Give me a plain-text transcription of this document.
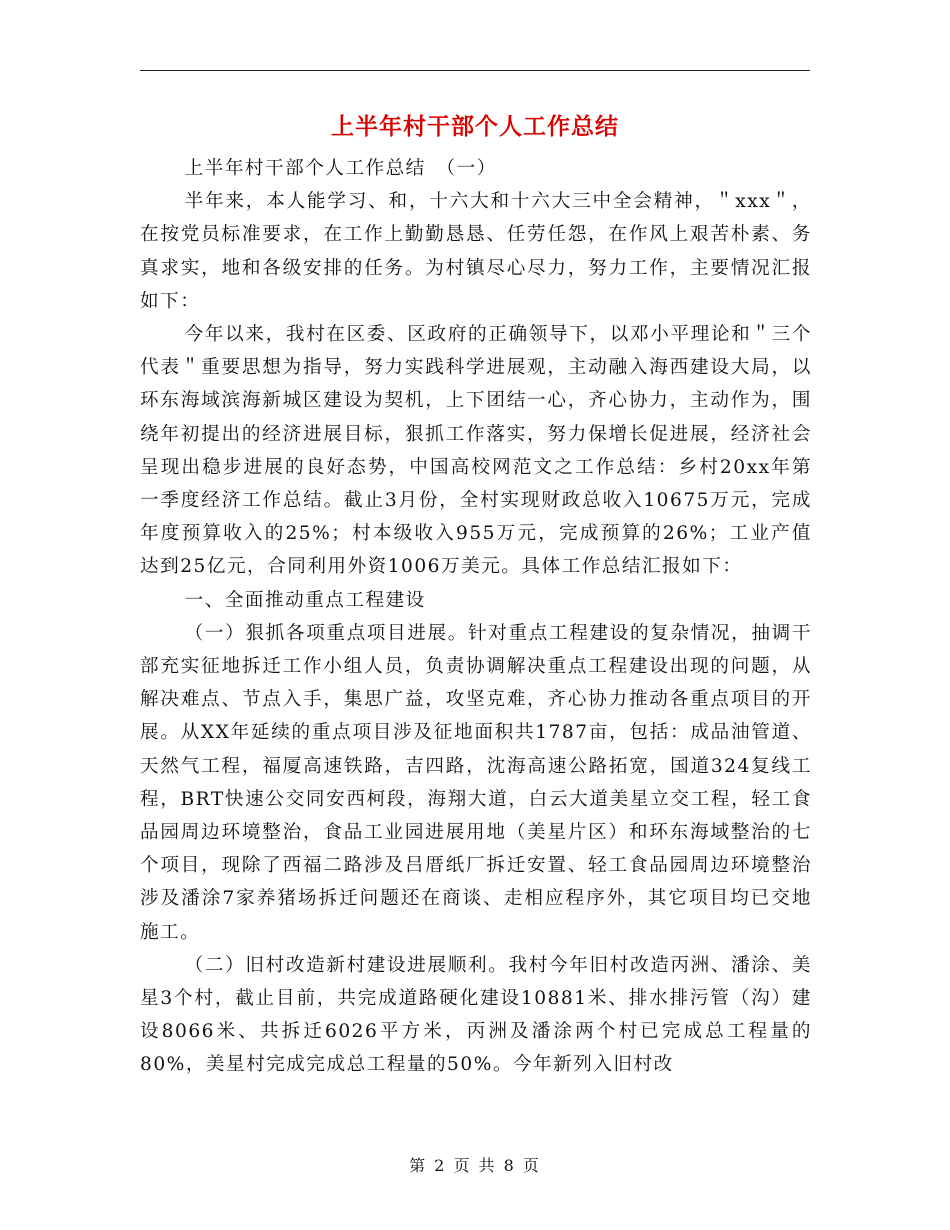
上半年村干部个人工作总结

上半年村干部个人工作总结　（一）

半年来，本人能学习、和，十六大和十六大三中全会精神，＂xxx＂，在按党员标准要求，在工作上勤勤恳恳、任劳任怨，在作风上艰苦朴素、务真求实，地和各级安排的任务。为村镇尽心尽力，努力工作，主要情况汇报如下：

今年以来，我村在区委、区政府的正确领导下，以邓小平理论和＂三个代表＂重要思想为指导，努力实践科学进展观，主动融入海西建设大局，以环东海域滨海新城区建设为契机，上下团结一心，齐心协力，主动作为，围绕年初提出的经济进展目标，狠抓工作落实，努力保增长促进展，经济社会呈现出稳步进展的良好态势，中国高校网范文之工作总结：乡村20xx年第一季度经济工作总结。截止3月份，全村实现财政总收入10675万元，完成年度预算收入的25%；村本级收入955万元，完成预算的26%；工业产值达到25亿元，合同利用外资1006万美元。具体工作总结汇报如下：

一、全面推动重点工程建设

（一）狠抓各项重点项目进展。针对重点工程建设的复杂情况，抽调干部充实征地拆迁工作小组人员，负责协调解决重点工程建设出现的问题，从解决难点、节点入手，集思广益，攻坚克难，齐心协力推动各重点项目的开展。从XX年延续的重点项目涉及征地面积共1787亩，包括：成品油管道、天然气工程，福厦高速铁路，吉四路，沈海高速公路拓宽，国道324复线工程，BRT快速公交同安西柯段，海翔大道，白云大道美星立交工程，轻工食品园周边环境整治，食品工业园进展用地（美星片区）和环东海域整治的七个项目，现除了西福二路涉及吕厝纸厂拆迁安置、轻工食品园周边环境整治涉及潘涂7家养猪场拆迁问题还在商谈、走相应程序外，其它项目均已交地施工。

（二）旧村改造新村建设进展顺利。我村今年旧村改造丙洲、潘涂、美星3个村，截止目前，共完成道路硬化建设10881米、排水排污管（沟）建设8066米、共拆迁6026平方米，丙洲及潘涂两个村已完成总工程量的80%，美星村完成完成总工程量的50%。今年新列入旧村改

第 2 页 共 8 页
